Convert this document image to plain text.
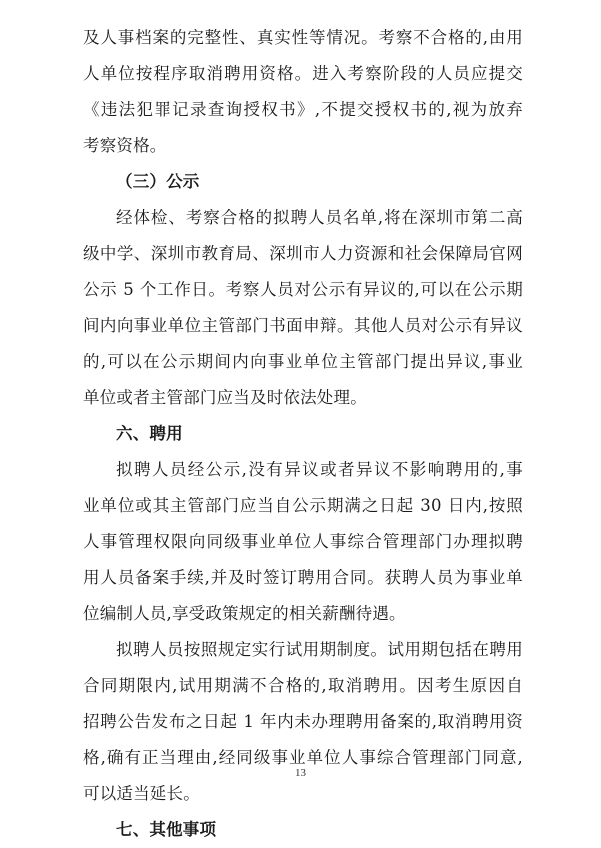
及人事档案的完整性、真实性等情况。考察不合格的,由用
人单位按程序取消聘用资格。进入考察阶段的人员应提交
《违法犯罪记录查询授权书》,不提交授权书的,视为放弃
考察资格。
（三）公示
经体检、考察合格的拟聘人员名单,将在深圳市第二高
级中学、深圳市教育局、深圳市人力资源和社会保障局官网
公示 5 个工作日。考察人员对公示有异议的,可以在公示期
间内向事业单位主管部门书面申辩。其他人员对公示有异议
的,可以在公示期间内向事业单位主管部门提出异议,事业
单位或者主管部门应当及时依法处理。
六、聘用
拟聘人员经公示,没有异议或者异议不影响聘用的,事
业单位或其主管部门应当自公示期满之日起 30 日内,按照
人事管理权限向同级事业单位人事综合管理部门办理拟聘
用人员备案手续,并及时签订聘用合同。获聘人员为事业单
位编制人员,享受政策规定的相关薪酬待遇。
拟聘人员按照规定实行试用期制度。试用期包括在聘用
合同期限内,试用期满不合格的,取消聘用。因考生原因自
招聘公告发布之日起 1 年内未办理聘用备案的,取消聘用资
格,确有正当理由,经同级事业单位人事综合管理部门同意,
可以适当延长。
七、其他事项
13
